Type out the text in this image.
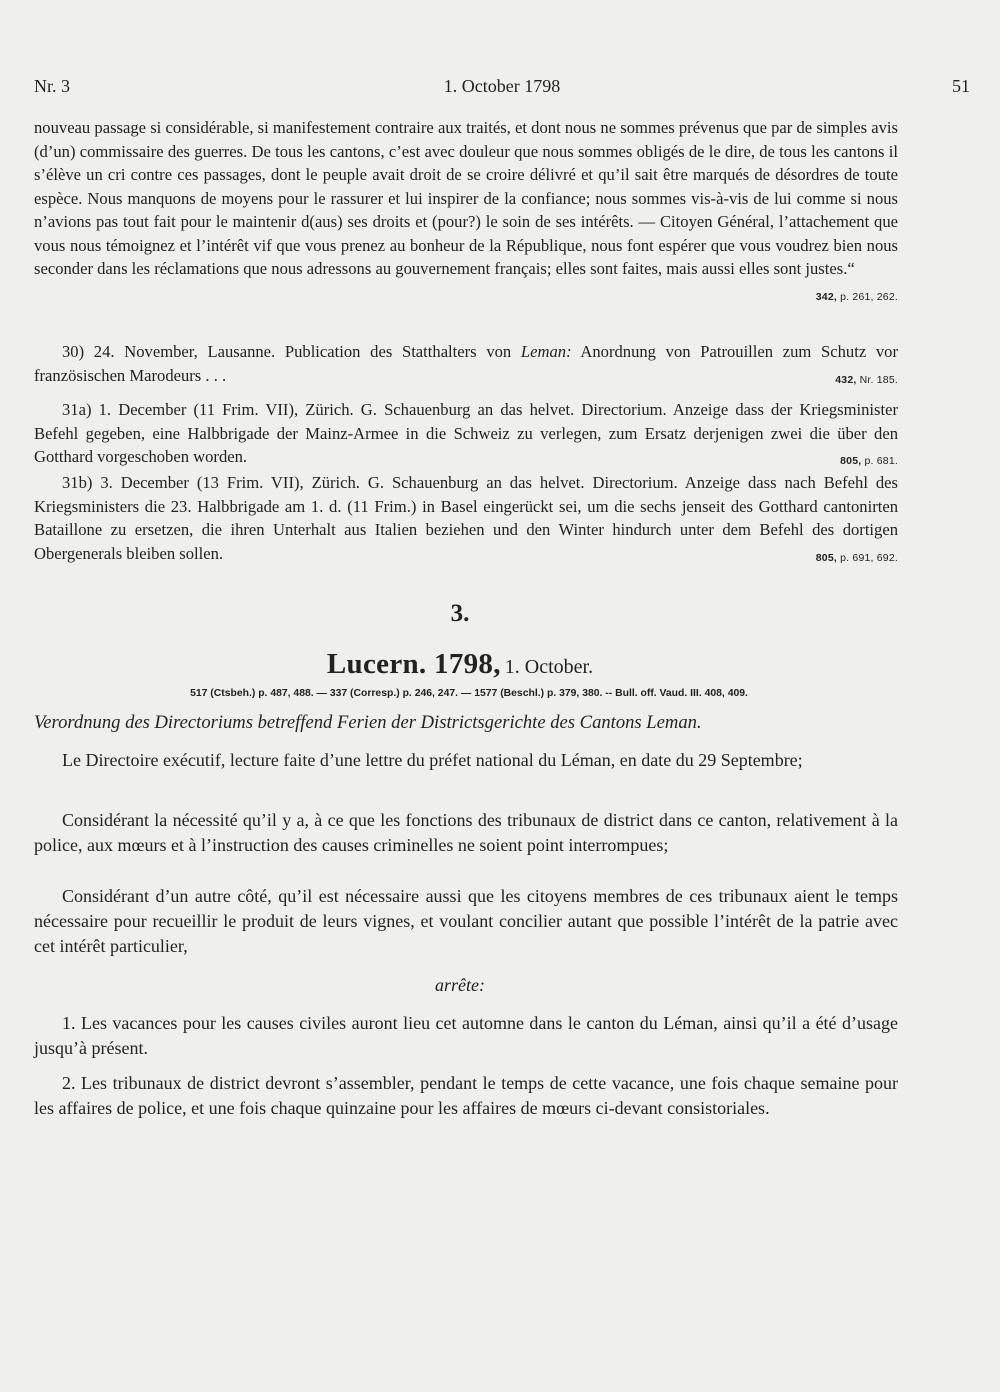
Nr. 3	1. October 1798	51

nouveau passage si considérable, si manifestement contraire aux traités, et dont nous ne sommes prévenus que par de simples avis (d’un) commissaire des guerres. De tous les cantons, c’est avec douleur que nous sommes obligés de le dire, de tous les cantons il s’élève un cri contre ces passages, dont le peuple avait droit de se croire délivré et qu’il sait être marqués de désordres de toute espèce. Nous manquons de moyens pour le rassurer et lui inspirer de la confiance; nous sommes vis-à-vis de lui comme si nous n’avions pas tout fait pour le maintenir d(aus) ses droits et (pour?) le soin de ses intérêts. — Citoyen Général, l’attachement que vous nous témoignez et l’intérêt vif que vous prenez au bonheur de la République, nous font espérer que vous voudrez bien nous seconder dans les réclamations que nous adressons au gouvernement français; elles sont faites, mais aussi elles sont justes.“
342, p. 261, 262.

30) 24. November, Lausanne. Publication des Statthalters von Leman: Anordnung von Patrouillen zum Schutz vor französischen Marodeurs . . .	432, Nr. 185.

31a) 1. December (11 Frim. VII), Zürich. G. Schauenburg an das helvet. Directorium. Anzeige dass der Kriegsminister Befehl gegeben, eine Halbbrigade der Mainz-Armee in die Schweiz zu verlegen, zum Ersatz derjenigen zwei die über den Gotthard vorgeschoben worden.	805, p. 681.

31b) 3. December (13 Frim. VII), Zürich. G. Schauenburg an das helvet. Directorium. Anzeige dass nach Befehl des Kriegsministers die 23. Halbbrigade am 1. d. (11 Frim.) in Basel eingerückt sei, um die sechs jenseit des Gotthard cantonirten Bataillone zu ersetzen, die ihren Unterhalt aus Italien beziehen und den Winter hindurch unter dem Befehl des dortigen Obergenerals bleiben sollen.	805, p. 691, 692.

3.
Lucern. 1798, 1. October.
517 (Ctsbeh.) p. 487, 488. — 337 (Corresp.) p. 246, 247. — 1577 (Beschl.) p. 379, 380. -- Bull. off. Vaud. III. 408, 409.
Verordnung des Directoriums betreffend Ferien der Districtsgerichte des Cantons Leman.
Le Directoire exécutif, lecture faite d’une lettre du préfet national du Léman, en date du 29 Septembre;
Considérant la nécessité qu’il y a, à ce que les fonctions des tribunaux de district dans ce canton, relativement à la police, aux mœurs et à l’instruction des causes criminelles ne soient point interrompues;
Considérant d’un autre côté, qu’il est nécessaire aussi que les citoyens membres de ces tribunaux aient le temps nécessaire pour recueillir le produit de leurs vignes, et voulant concilier autant que possible l’intérêt de la patrie avec cet intérêt particulier,
arrête:
1. Les vacances pour les causes civiles auront lieu cet automne dans le canton du Léman, ainsi qu’il a été d’usage jusqu’à présent.
2. Les tribunaux de district devront s’assembler, pendant le temps de cette vacance, une fois chaque semaine pour les affaires de police, et une fois chaque quinzaine pour les affaires de mœurs ci-devant consistoriales.
